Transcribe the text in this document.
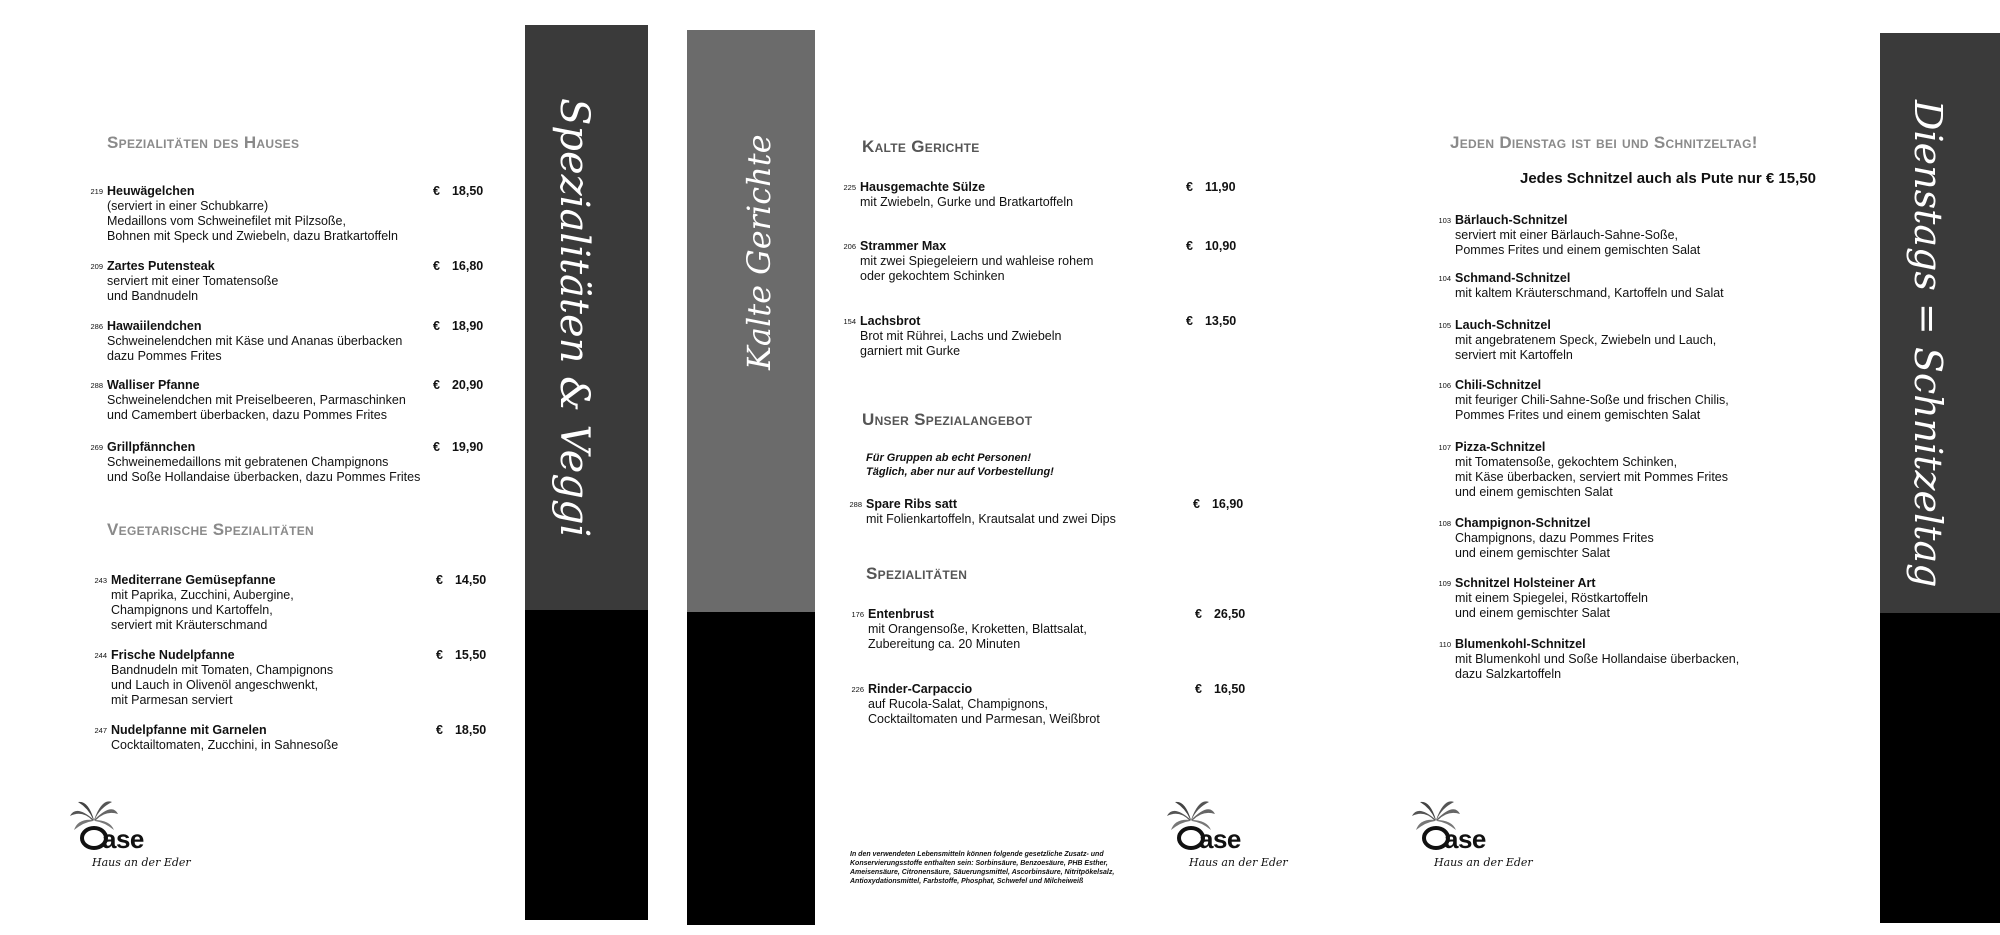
Spezialitäten des Hauses
219 Heuwägelchen
(serviert in einer Schubkarre)
Medaillons vom Schweinefilet mit Pilzsoße,
Bohnen mit Speck und Zwiebeln, dazu Bratkartoffeln
€ 18,50
209 Zartes Putensteak
serviert mit einer Tomatensoße
und Bandnudeln
€ 16,80
286 Hawaiilendchen
Schweinelendchen mit Käse und Ananas überbacken
dazu Pommes Frites
€ 18,90
288 Walliser Pfanne
Schweinelendchen mit Preiselbeeren, Parmaschinken
und Camembert überbacken, dazu Pommes Frites
€ 20,90
269 Grillpfännchen
Schweinemedaillons mit gebratenen Champignons
und Soße Hollandaise überbacken, dazu Pommes Frites
€ 19,90
Vegetarische Spezialitäten
243 Mediterrane Gemüsepfanne
mit Paprika, Zucchini, Aubergine,
Champignons und Kartoffeln,
serviert mit Kräuterschmand
€ 14,50
244 Frische Nudelpfanne
Bandnudeln mit Tomaten, Champignons
und Lauch in Olivenöl angeschwenkt,
mit Parmesan serviert
€ 15,50
247 Nudelpfanne mit Garnelen
Cocktailtomaten, Zucchini, in Sahnesoße
€ 18,50
ase
Haus an der Eder
Spezialitäten & Veggi	Kalte Gerichte	Kalte Gerichte
225 Hausgemachte Sülze
mit Zwiebeln, Gurke und Bratkartoffeln
€ 11,90
206 Strammer Max
mit zwei Spiegeleiern und wahleise rohem
oder gekochtem Schinken
€ 10,90
154 Lachsbrot
Brot mit Rührei, Lachs und Zwiebeln
garniert mit Gurke
€ 13,50
Unser Spezialangebot
Für Gruppen ab echt Personen!
Täglich, aber nur auf Vorbestellung!
288 Spare Ribs satt
mit Folienkartoffeln, Krautsalat und zwei Dips
€ 16,90
Spezialitäten
176 Entenbrust
mit Orangensoße, Kroketten, Blattsalat,
Zubereitung ca. 20 Minuten
€ 26,50
226 Rinder-Carpaccio
auf Rucola-Salat, Champignons,
Cocktailtomaten und Parmesan, Weißbrot
€ 16,50
ase
Haus an der Eder
In den verwendeten Lebensmitteln können folgende gesetzliche Zusatz- und
Konservierungsstoffe enthalten sein: Sorbinsäure, Benzoesäure, PHB Esther,
Ameisensäure, Citronensäure, Säuerungsmittel, Ascorbinsäure, Nitritpökelsalz,
Antioxydationsmittel, Farbstoffe, Phosphat, Schwefel und Milcheiweiß
Jeden Dienstag ist bei und Schnitzeltag!
Jedes Schnitzel auch als Pute nur € 15,50
103 Bärlauch-Schnitzel
serviert mit einer Bärlauch-Sahne-Soße,
Pommes Frites und einem gemischten Salat
104 Schmand-Schnitzel
mit kaltem Kräuterschmand, Kartoffeln und Salat
105 Lauch-Schnitzel
mit angebratenem Speck, Zwiebeln und Lauch,
serviert mit Kartoffeln
106 Chili-Schnitzel
mit feuriger Chili-Sahne-Soße und frischen Chilis,
Pommes Frites und einem gemischten Salat
107 Pizza-Schnitzel
mit Tomatensoße, gekochtem Schinken,
mit Käse überbacken, serviert mit Pommes Frites
und einem gemischten Salat
108 Champignon-Schnitzel
Champignons, dazu Pommes Frites
und einem gemischter Salat
109 Schnitzel Holsteiner Art
mit einem Spiegelei, Röstkartoffeln
und einem gemischter Salat
110 Blumenkohl-Schnitzel
mit Blumenkohl und Soße Hollandaise überbacken,
dazu Salzkartoffeln
ase
Haus an der Eder
Dienstags = Schnitzeltag
